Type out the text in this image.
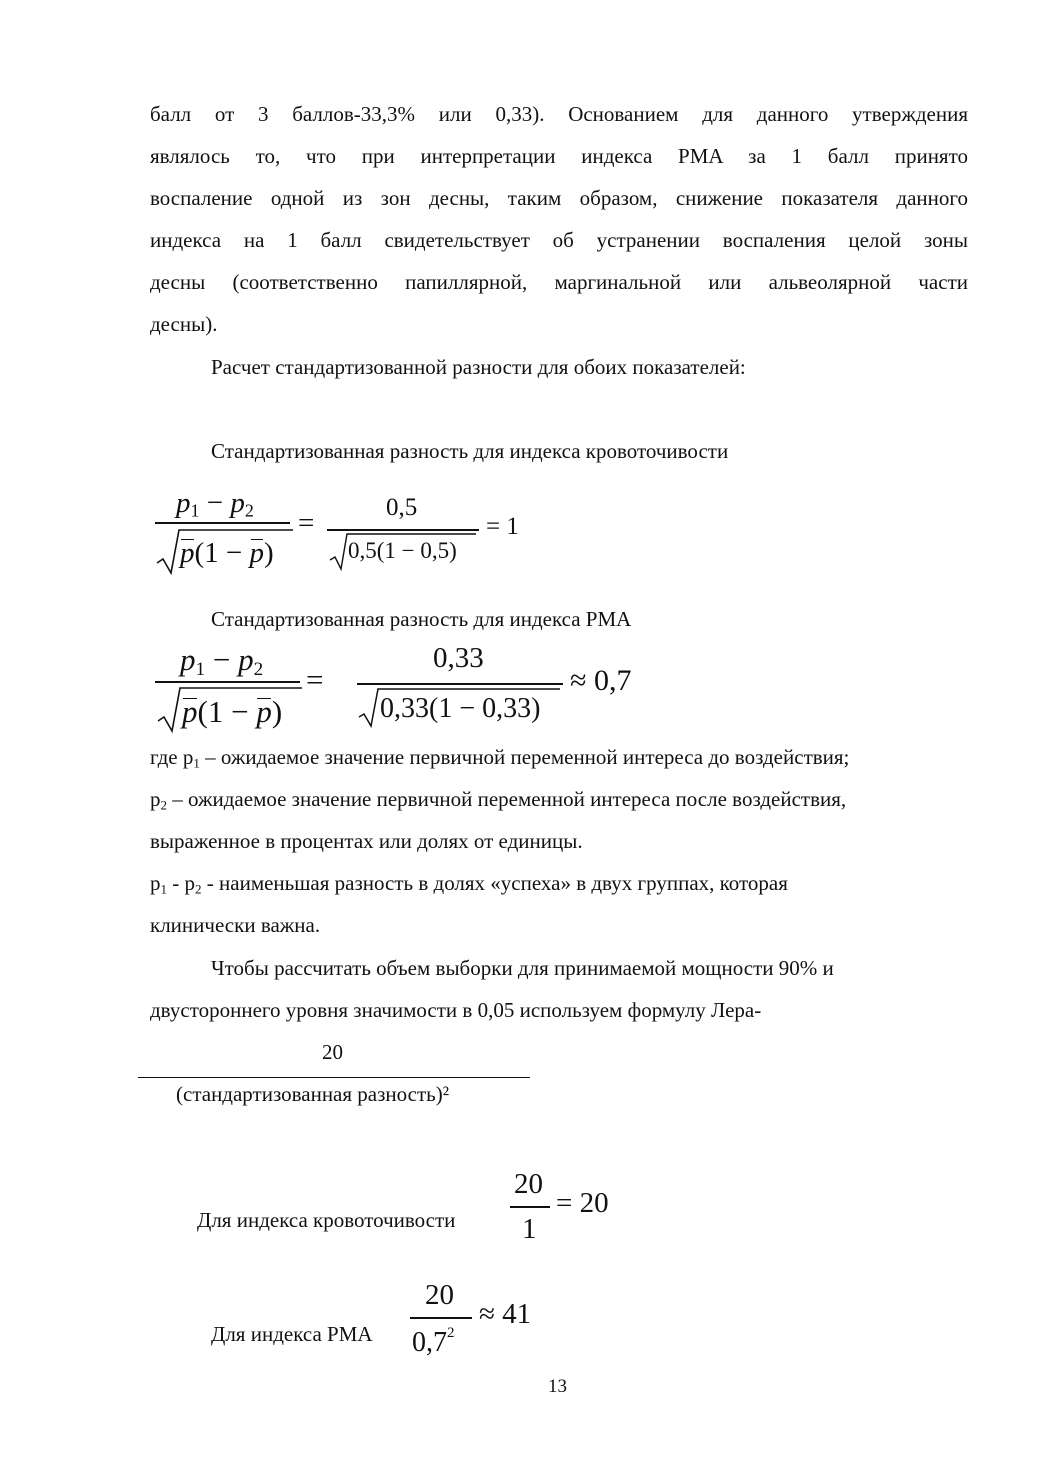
балл от 3 баллов-33,3% или 0,33). Основанием для данного утверждения
являлось то, что при интерпретации индекса PMA за 1 балл принято
воспаление одной из зон десны, таким образом, снижение показателя данного
индекса на 1 балл свидетельствует об устранении воспаления целой зоны
десны (соответственно папиллярной, маргинальной или альвеолярной части
десны).
Расчет стандартизованной разности для обоих показателей:
Стандартизованная разность для индекса кровоточивости
$p_1 - p_2$
p(1 − p)
=	0,5
0,5(1 − 0,5)
= 1
Стандартизованная разность для индекса PMA
$p_1 - p_2$
p(1 − p)
=
0,33
0,33(1 − 0,33)
≈ 0,7
где $p_1$ – ожидаемое значение первичной переменной интереса до воздействия;
$p_2$ – ожидаемое значение первичной переменной интереса после воздействия,
выраженное в процентах или долях от единицы.
$p_1 - p_2$ - наименьшая разность в долях «успеха» в двух группах, которая
клинически важна.
Чтобы рассчитать объем выборки для принимаемой мощности 90% и
двустороннего уровня значимости в 0,05 используем формулу Лера-
20
(стандартизованная разность)²
Для индекса кровоточивости
20
1
= 20
Для индекса PMA
20
$0,7^2$
≈ 41
13
